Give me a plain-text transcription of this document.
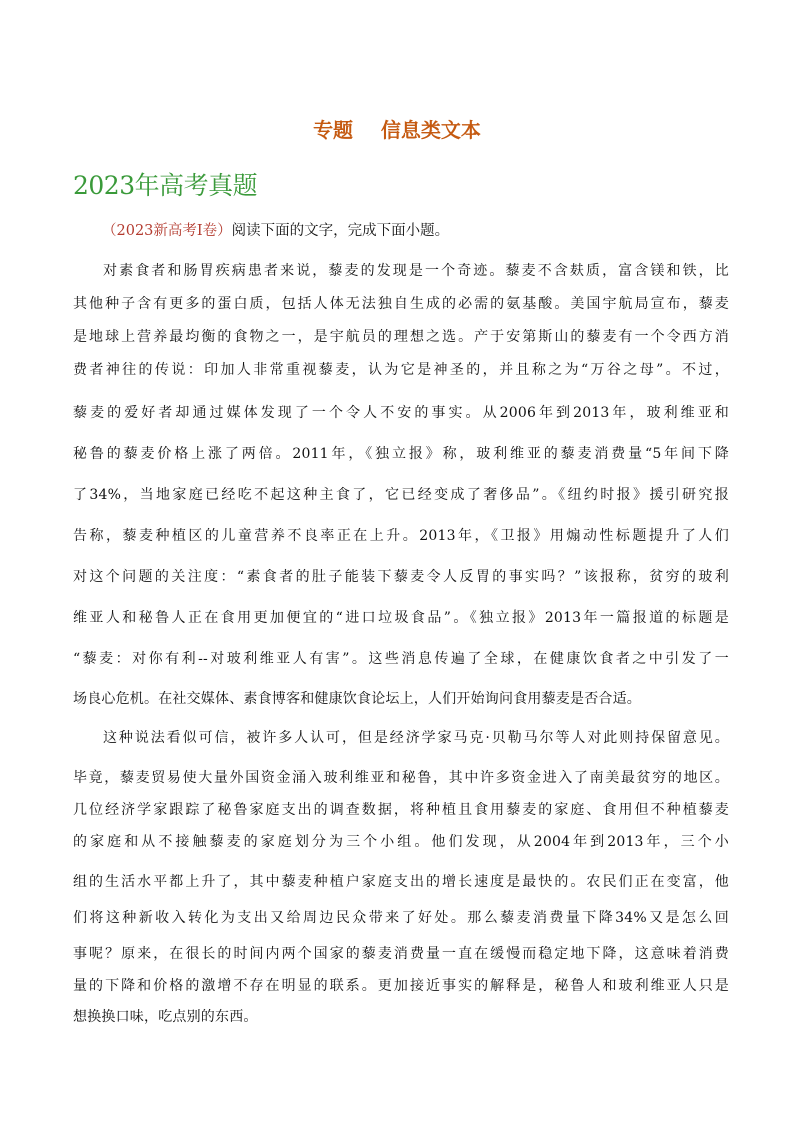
专题    信息类文本
2023年高考真题

（2023新高考Ⅰ卷）阅读下面的文字，完成下面小题。

对素食者和肠胃疾病患者来说，藜麦的发现是一个奇迹。藜麦不含麸质，富含镁和铁，比
其他种子含有更多的蛋白质，包括人体无法独自生成的必需的氨基酸。美国宇航局宣布，藜麦
是地球上营养最均衡的食物之一，是宇航员的理想之选。产于安第斯山的藜麦有一个令西方消
费者神往的传说：印加人非常重视藜麦，认为它是神圣的，并且称之为“万谷之母”。不过，
藜麦的爱好者却通过媒体发现了一个令人不安的事实。从2006年到2013年，玻利维亚和
秘鲁的藜麦价格上涨了两倍。2011年，《独立报》称，玻利维亚的藜麦消费量“5年间下降
了34%，当地家庭已经吃不起这种主食了，它已经变成了奢侈品”。《纽约时报》援引研究报
告称，藜麦种植区的儿童营养不良率正在上升。2013年，《卫报》用煽动性标题提升了人们
对这个问题的关注度：“素食者的肚子能装下藜麦令人反胃的事实吗？”该报称，贫穷的玻利
维亚人和秘鲁人正在食用更加便宜的“进口垃圾食品”。《独立报》2013年一篇报道的标题是
“藜麦：对你有利--对玻利维亚人有害”。这些消息传遍了全球，在健康饮食者之中引发了一
场良心危机。在社交媒体、素食博客和健康饮食论坛上，人们开始询问食用藜麦是否合适。
这种说法看似可信，被许多人认可，但是经济学家马克·贝勒马尔等人对此则持保留意见。
毕竟，藜麦贸易使大量外国资金涌入玻利维亚和秘鲁，其中许多资金进入了南美最贫穷的地区。
几位经济学家跟踪了秘鲁家庭支出的调查数据，将种植且食用藜麦的家庭、食用但不种植藜麦
的家庭和从不接触藜麦的家庭划分为三个小组。他们发现，从2004年到2013年，三个小
组的生活水平都上升了，其中藜麦种植户家庭支出的增长速度是最快的。农民们正在变富，他
们将这种新收入转化为支出又给周边民众带来了好处。那么藜麦消费量下降34%又是怎么回
事呢？原来，在很长的时间内两个国家的藜麦消费量一直在缓慢而稳定地下降，这意味着消费
量的下降和价格的激增不存在明显的联系。更加接近事实的解释是，秘鲁人和玻利维亚人只是
想换换口味，吃点别的东西。
